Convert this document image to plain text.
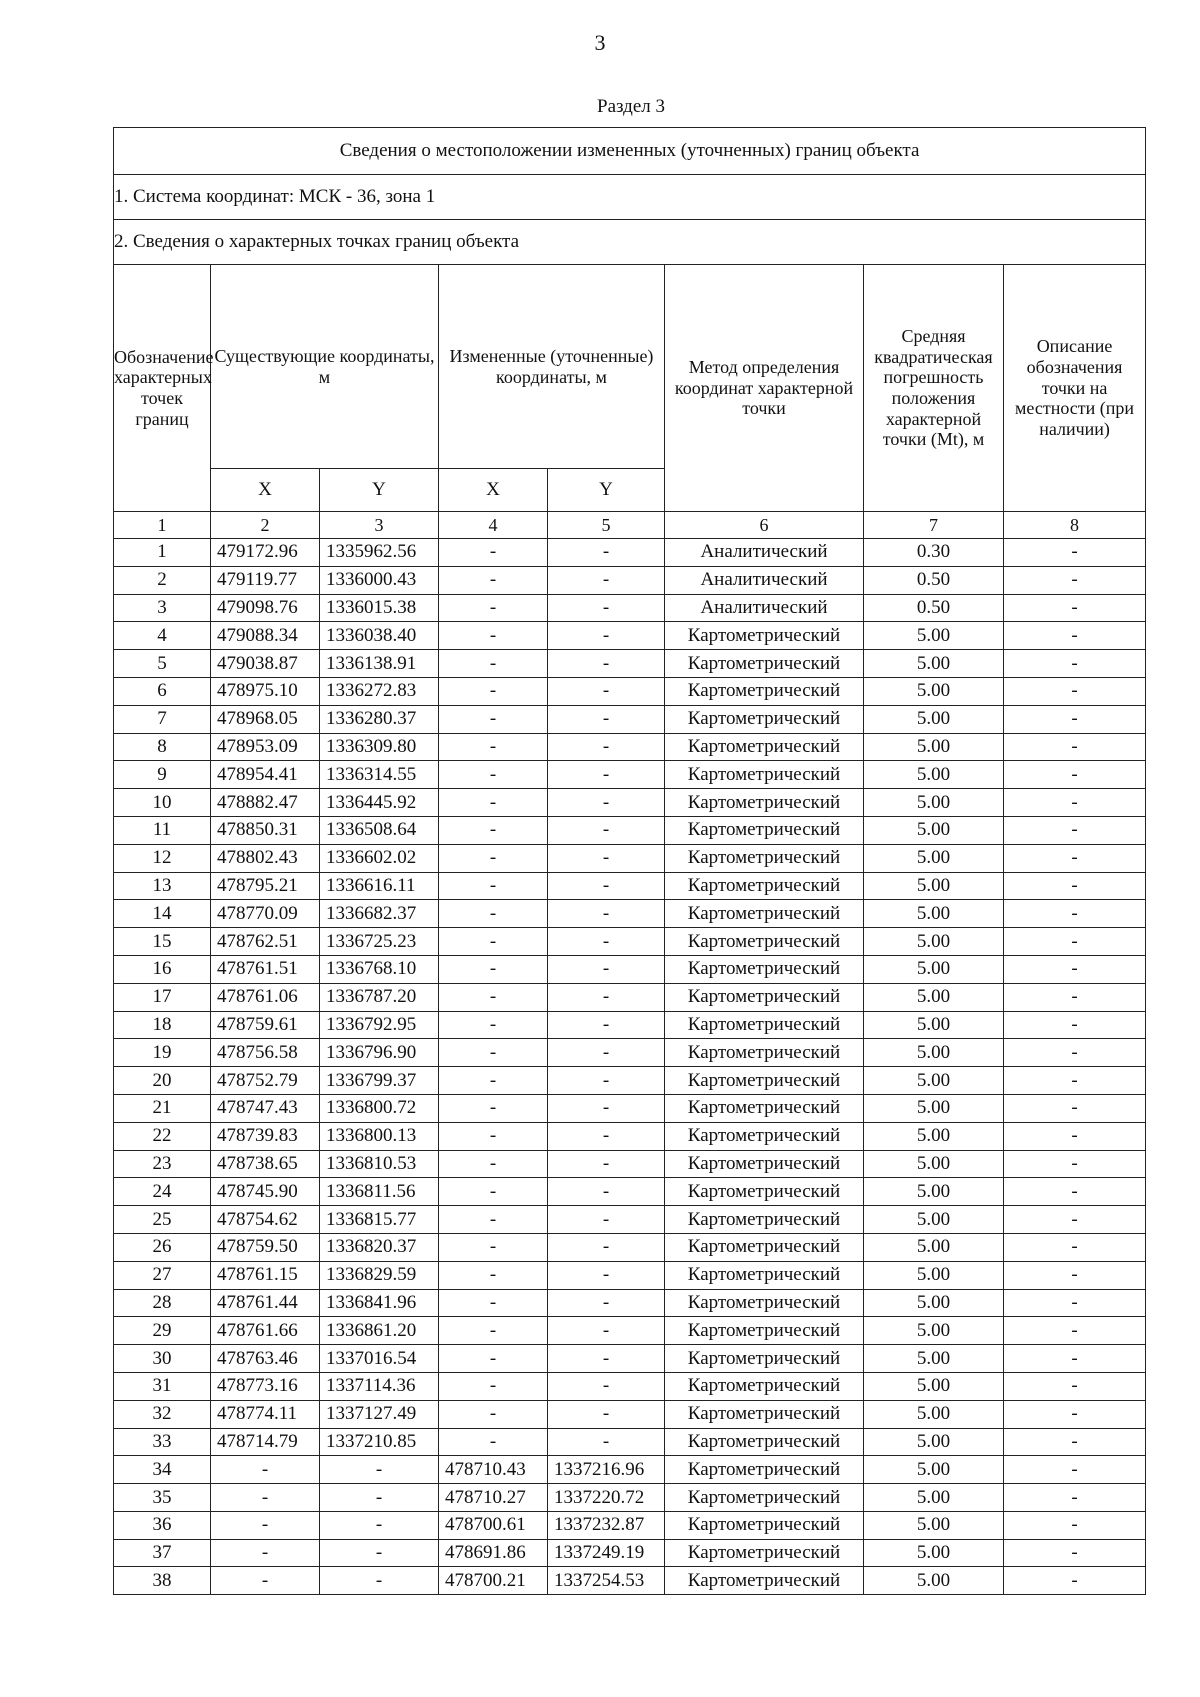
3
Раздел 3
Сведения о местоположении измененных (уточненных) границ объекта							
1. Система координат: МСК - 36, зона 1							
2. Сведения о характерных точках границ объекта							
Обозначение характерных точек границ	Существующие координаты, м		Измененные (уточненные) координаты, м		Метод определения координат характерной точки	Средняя квадратическая погрешность положения характерной точки (Mt), м	Описание обозначения точки на местности (при наличии)
	X	Y	X	Y			
1	2	3	4	5	6	7	8
1	479172.96	1335962.56	-	-	Аналитический	0.30	-
2	479119.77	1336000.43	-	-	Аналитический	0.50	-
3	479098.76	1336015.38	-	-	Аналитический	0.50	-
4	479088.34	1336038.40	-	-	Картометрический	5.00	-
5	479038.87	1336138.91	-	-	Картометрический	5.00	-
6	478975.10	1336272.83	-	-	Картометрический	5.00	-
7	478968.05	1336280.37	-	-	Картометрический	5.00	-
8	478953.09	1336309.80	-	-	Картометрический	5.00	-
9	478954.41	1336314.55	-	-	Картометрический	5.00	-
10	478882.47	1336445.92	-	-	Картометрический	5.00	-
11	478850.31	1336508.64	-	-	Картометрический	5.00	-
12	478802.43	1336602.02	-	-	Картометрический	5.00	-
13	478795.21	1336616.11	-	-	Картометрический	5.00	-
14	478770.09	1336682.37	-	-	Картометрический	5.00	-
15	478762.51	1336725.23	-	-	Картометрический	5.00	-
16	478761.51	1336768.10	-	-	Картометрический	5.00	-
17	478761.06	1336787.20	-	-	Картометрический	5.00	-
18	478759.61	1336792.95	-	-	Картометрический	5.00	-
19	478756.58	1336796.90	-	-	Картометрический	5.00	-
20	478752.79	1336799.37	-	-	Картометрический	5.00	-
21	478747.43	1336800.72	-	-	Картометрический	5.00	-
22	478739.83	1336800.13	-	-	Картометрический	5.00	-
23	478738.65	1336810.53	-	-	Картометрический	5.00	-
24	478745.90	1336811.56	-	-	Картометрический	5.00	-
25	478754.62	1336815.77	-	-	Картометрический	5.00	-
26	478759.50	1336820.37	-	-	Картометрический	5.00	-
27	478761.15	1336829.59	-	-	Картометрический	5.00	-
28	478761.44	1336841.96	-	-	Картометрический	5.00	-
29	478761.66	1336861.20	-	-	Картометрический	5.00	-
30	478763.46	1337016.54	-	-	Картометрический	5.00	-
31	478773.16	1337114.36	-	-	Картометрический	5.00	-
32	478774.11	1337127.49	-	-	Картометрический	5.00	-
33	478714.79	1337210.85	-	-	Картометрический	5.00	-
34	-	-	478710.43	1337216.96	Картометрический	5.00	-
35	-	-	478710.27	1337220.72	Картометрический	5.00	-
36	-	-	478700.61	1337232.87	Картометрический	5.00	-
37	-	-	478691.86	1337249.19	Картометрический	5.00	-
38	-	-	478700.21	1337254.53	Картометрический	5.00	-
